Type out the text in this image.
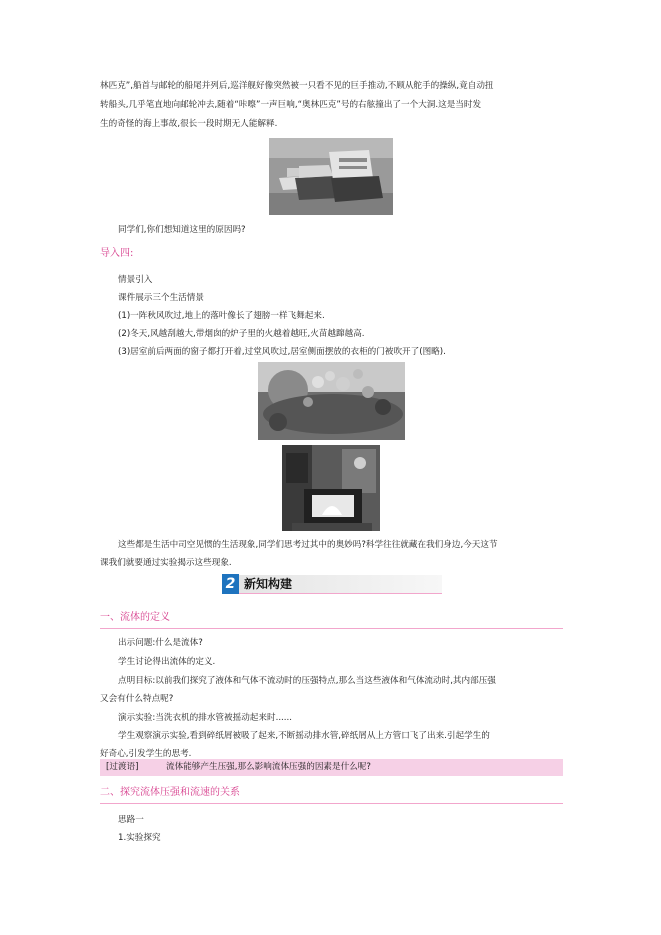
林匹克”,船首与邮轮的船尾并列后,巡洋舰好像突然被一只看不见的巨手推动,不顾从舵手的操纵,竟自动扭

转船头,几乎笔直地向邮轮冲去,随着“咔嚓”一声巨响,“奥林匹克”号的右舷撞出了一个大洞.这是当时发

生的奇怪的海上事故,很长一段时期无人能解释.

同学们,你们想知道这里的原因吗?

导入四:

情景引入

课件展示三个生活情景

(1)一阵秋风吹过,地上的落叶像长了翅膀一样飞舞起来.

(2)冬天,风越刮越大,带烟囱的炉子里的火越着越旺,火苗越蹿越高.

(3)居室前后两面的窗子都打开着,过堂风吹过,居室侧面摆放的衣柜的门被吹开了(图略).

这些都是生活中司空见惯的生活现象,同学们思考过其中的奥妙吗?科学往往就藏在我们身边,今天这节

课我们就要通过实验揭示这些现象.

2 新知构建

一、流体的定义

出示问题:什么是流体?

学生讨论得出流体的定义.

点明目标:以前我们探究了液体和气体不流动时的压强特点,那么当这些液体和气体流动时,其内部压强

又会有什么特点呢?

演示实验:当洗衣机的排水管被摇动起来时......

学生观察演示实验,看到碎纸屑被吸了起来,不断摇动排水管,碎纸屑从上方管口飞了出来.引起学生的

好奇心,引发学生的思考.

[过渡语]	流体能够产生压强,那么影响流体压强的因素是什么呢?

二、探究流体压强和流速的关系

思路一

1.实验探究
